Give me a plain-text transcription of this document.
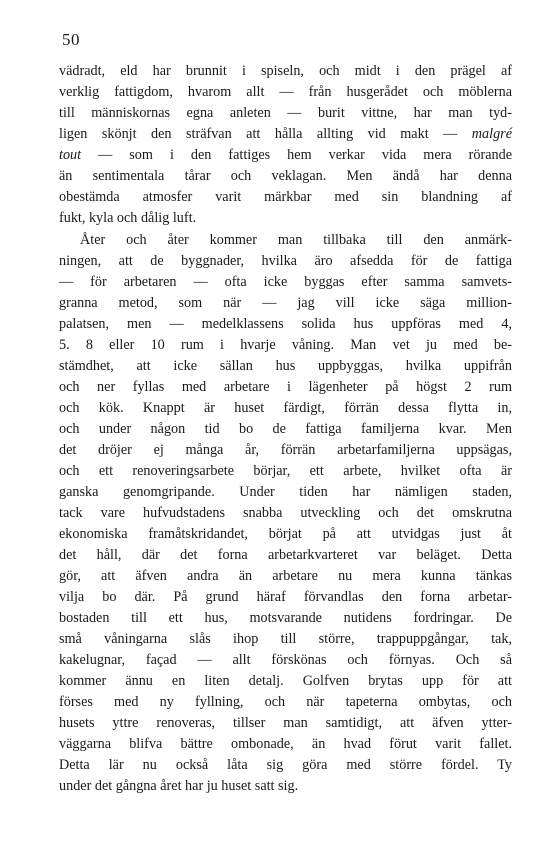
50
vädradt, eld har brunnit i spiseln, och midt i den prägel af
verklig fattigdom, hvarom allt — från husgerådet och möblerna
till människornas egna anleten — burit vittne, har man tyd-
ligen skönjt den sträfvan att hålla allting vid makt — malgré
tout — som i den fattiges hem verkar vida mera rörande
än sentimentala tårar och veklagan. Men ändå har denna
obestämda atmosfer varit märkbar med sin blandning af
fukt, kyla och dålig luft.
Åter och åter kommer man tillbaka till den anmärk-
ningen, att de byggnader, hvilka äro afsedda för de fattiga
— för arbetaren — ofta icke byggas efter samma samvets-
granna metod, som när — jag vill icke säga million-
palatsen, men — medelklassens solida hus uppföras med 4,
5. 8 eller 10 rum i hvarje våning. Man vet ju med be-
stämdhet, att icke sällan hus uppbyggas, hvilka uppifrån
och ner fyllas med arbetare i lägenheter på högst 2 rum
och kök. Knappt är huset färdigt, förrän dessa flytta in,
och under någon tid bo de fattiga familjerna kvar. Men
det dröjer ej många år, förrän arbetarfamiljerna uppsägas,
och ett renoveringsarbete börjar, ett arbete, hvilket ofta är
ganska genomgripande. Under tiden har nämligen staden,
tack vare hufvudstadens snabba utveckling och det omskrutna
ekonomiska framåtskridandet, börjat på att utvidgas just åt
det håll, där det forna arbetarkvarteret var beläget. Detta
gör, att äfven andra än arbetare nu mera kunna tänkas
vilja bo där. På grund häraf förvandlas den forna arbetar-
bostaden till ett hus, motsvarande nutidens fordringar. De
små våningarna slås ihop till större, trappuppgångar, tak,
kakelugnar, façad — allt förskönas och förnyas. Och så
kommer ännu en liten detalj. Golfven brytas upp för att
förses med ny fyllning, och när tapeterna ombytas, och
husets yttre renoveras, tillser man samtidigt, att äfven ytter-
väggarna blifva bättre ombonade, än hvad förut varit fallet.
Detta lär nu också låta sig göra med större fördel. Ty
under det gångna året har ju huset satt sig.
